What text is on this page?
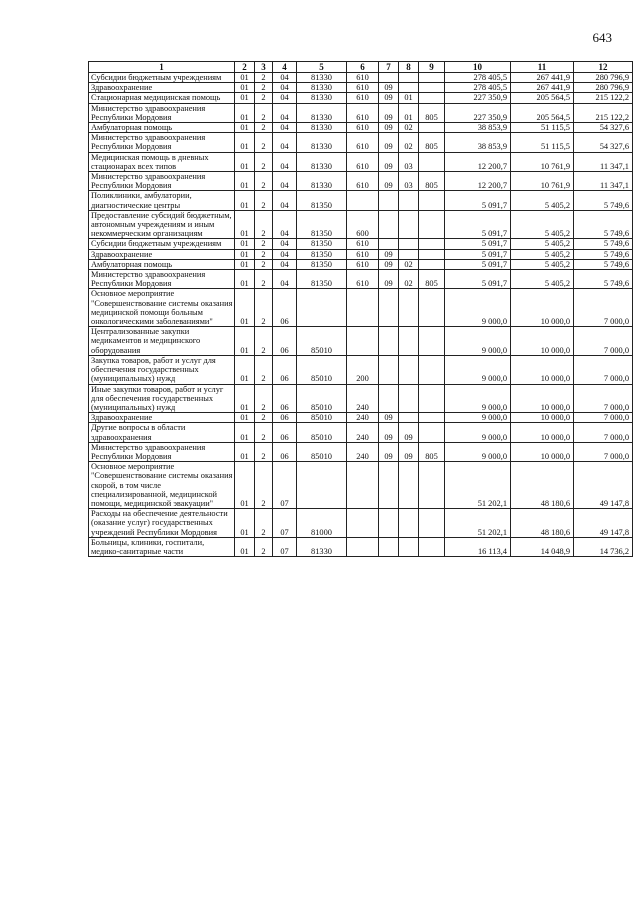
643
1	2	3	4	5	6	7	8	9	10	11	12
Субсидии бюджетным учреждениям	01	2	04	81330	610				278 405,5	267 441,9	280 796,9
Здравоохранение	01	2	04	81330	610	09			278 405,5	267 441,9	280 796,9
Стационарная медицинская помощь	01	2	04	81330	610	09	01		227 350,9	205 564,5	215 122,2
Министерство здравоохранения Республики Мордовия	01	2	04	81330	610	09	01	805	227 350,9	205 564,5	215 122,2
Амбулаторная помощь	01	2	04	81330	610	09	02		38 853,9	51 115,5	54 327,6
Министерство здравоохранения Республики Мордовия	01	2	04	81330	610	09	02	805	38 853,9	51 115,5	54 327,6
Медицинская помощь в дневных стационарах всех типов	01	2	04	81330	610	09	03		12 200,7	10 761,9	11 347,1
Министерство здравоохранения Республики Мордовия	01	2	04	81330	610	09	03	805	12 200,7	10 761,9	11 347,1
Поликлиники, амбулатории, диагностические центры	01	2	04	81350					5 091,7	5 405,2	5 749,6
Предоставление субсидий бюджетным, автономным учреждениям и иным некоммерческим организациям	01	2	04	81350	600				5 091,7	5 405,2	5 749,6
Субсидии бюджетным учреждениям	01	2	04	81350	610				5 091,7	5 405,2	5 749,6
Здравоохранение	01	2	04	81350	610	09			5 091,7	5 405,2	5 749,6
Амбулаторная помощь	01	2	04	81350	610	09	02		5 091,7	5 405,2	5 749,6
Министерство здравоохранения Республики Мордовия	01	2	04	81350	610	09	02	805	5 091,7	5 405,2	5 749,6
Основное мероприятие "Совершенствование системы оказания медицинской помощи больным онкологическими заболеваниями"	01	2	06						9 000,0	10 000,0	7 000,0
Централизованные закупки медикаментов и медицинского оборудования	01	2	06	85010					9 000,0	10 000,0	7 000,0
Закупка товаров, работ и услуг для обеспечения государственных (муниципальных) нужд	01	2	06	85010	200				9 000,0	10 000,0	7 000,0
Иные закупки товаров, работ и услуг для обеспечения государственных (муниципальных) нужд	01	2	06	85010	240				9 000,0	10 000,0	7 000,0
Здравоохранение	01	2	06	85010	240	09			9 000,0	10 000,0	7 000,0
Другие вопросы в области здравоохранения	01	2	06	85010	240	09	09		9 000,0	10 000,0	7 000,0
Министерство здравоохранения Республики Мордовия	01	2	06	85010	240	09	09	805	9 000,0	10 000,0	7 000,0
Основное мероприятие "Совершенствование системы оказания скорой, в том числе специализированной, медицинской помощи, медицинской эвакуации"	01	2	07						51 202,1	48 180,6	49 147,8
Расходы на обеспечение деятельности (оказание услуг) государственных учреждений Республики Мордовия	01	2	07	81000					51 202,1	48 180,6	49 147,8
Больницы, клиники, госпитали, медико-санитарные части	01	2	07	81330					16 113,4	14 048,9	14 736,2
